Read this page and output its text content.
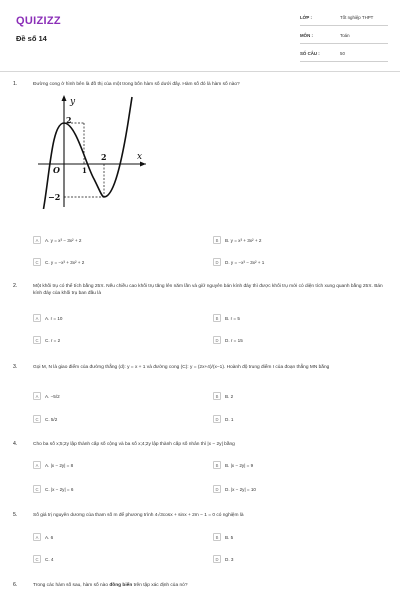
QUIZIZZ
Đề số 14
LỚP :	Tốt nghiệp THPT
MÔN :	Toán
SỐ CÂU :	50
1.	Đường cong ở hình bên là đồ thị của một trong bốn hàm số dưới đây. Hàm số đó là hàm số nào?
y
x
O
2
1
2
−2
A	A. y = x³ − 3x² + 2	B	B. y = x³ + 3x² + 2
C	C. y = −x³ + 3x² + 2	D	D. y = −x³ − 3x² + 1
2.	Một khối trụ có thể tích bằng 25π. Nếu chiều cao khối trụ tăng lên năm lần và giữ nguyên bán kính đáy thì được khối trụ mới có diện tích xung quanh bằng 25π. Bán kính đáy của khối trụ ban đầu là
A	A. r = 10	B	B. r = 5
C	C. r = 2	D	D. r = 15
3.	Gọi M, N là giao điểm của đường thẳng (d): y = x + 1 và đường cong (C): y = (2x+4)/(x−1). Hoành độ trung điểm I của đoạn thẳng MN bằng
A	A. −5/2	B	B. 2
C	C. 5/2	D	D. 1
4.	Cho ba số x;5;2y lập thành cấp số cộng và ba số x;4;2y lập thành cấp số nhân thì |x − 2y| bằng
A	A. |x − 2y| = 8	B	B. |x − 2y| = 9
C	C. |x − 2y| = 6	D	D. |x − 2y| = 10
5.	Số giá trị nguyên dương của tham số m để phương trình 4√3cosx + sinx + 2m − 1 = 0 có nghiệm là
A	A. 6	B	B. 5
C	C. 4	D	D. 3
6.	Trong các hàm số sau, hàm số nào đồng biến trên tập xác định của nó?
